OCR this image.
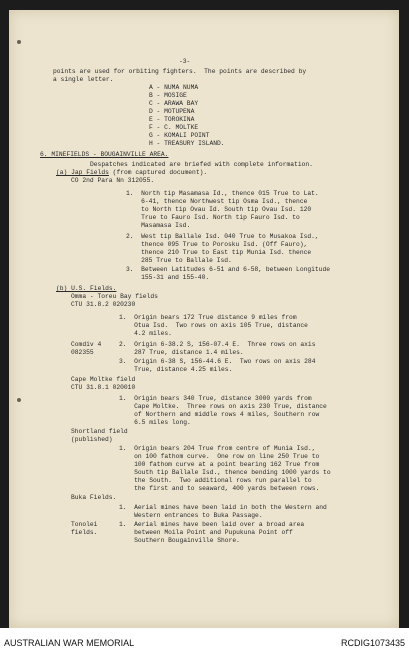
-3-
points are used for orbiting fighters.  The points are described by
a single letter.
A - NUMA NUMA
B - MOSIGE
C - ARAWA BAY
D - MOTUPENA
E - TOROKINA
F - C. MOLTKE
G - KOMALI POINT
H - TREASURY ISLAND.
6. MINEFIELDS - BOUGAINVILLE AREA.
Despatches indicated are briefed with complete information.
(a) Jap Fields (from captured document).
CO 2nd Para Nn 312055.
1.  North tip Masamasa Id., thence 015 True to Lat.
6-41, thence Northwest tip Osma Isd., thence
to North tip Ovau Id. South tip Ovau Isd. 120
True to Fauro Isd. North tip Fauro Isd. to
Masamasa Isd.
2.  West tip Ballale Isd. 040 True to Musakoa Isd.,
thence 095 True to Porosku Isd. (Off Fauro),
thence 210 True to East tip Munia Isd. thence
285 True to Ballale Isd.
3.  Between Latitudes 6-51 and 6-58, between Longitude
155-31 and 155-40.
(b) U.S. Fields.
Omma - Toreu Bay fields
CTU 31.8.2 020230
1.  Origin bears 172 True distance 9 miles from
Otua Isd.  Two rows on axis 105 True, distance
4.2 miles.
Comdiv 4	2.  Origin 6-38.2 S, 156-07.4 E.  Three rows on axis
082355	287 True, distance 1.4 miles.
3.  Origin 6-38 S, 156-44.6 E.  Two rows on axis 284
True, distance 4.25 miles.
Cape Moltke field
CTU 31.8.1 020010
1.  Origin bears 340 True, distance 3000 yards from
Cape Moltke.  Three rows on axis 230 True, distance
of Northern and middle rows 4 miles, Southern row
6.5 miles long.
Shortland field
(published)
1.  Origin bears 204 True from centre of Munia Isd.,
on 100 fathom curve.  One row on line 250 True to
100 fathom curve at a point bearing 162 True from
South tip Ballale Isd., thence bending 1000 yards to
the South.  Two additional rows run parallel to
the first and to seaward, 400 yards between rows.
Buka Fields.
1.  Aerial mines have been laid in both the Western and
Western entrances to Buka Passage.
Tonolei
fields.
1.  Aerial mines have been laid over a broad area
between Moila Point and Pupukuna Point off
Southern Bougainville Shore.
AUSTRALIAN WAR MEMORIAL	RCDIG1073435
